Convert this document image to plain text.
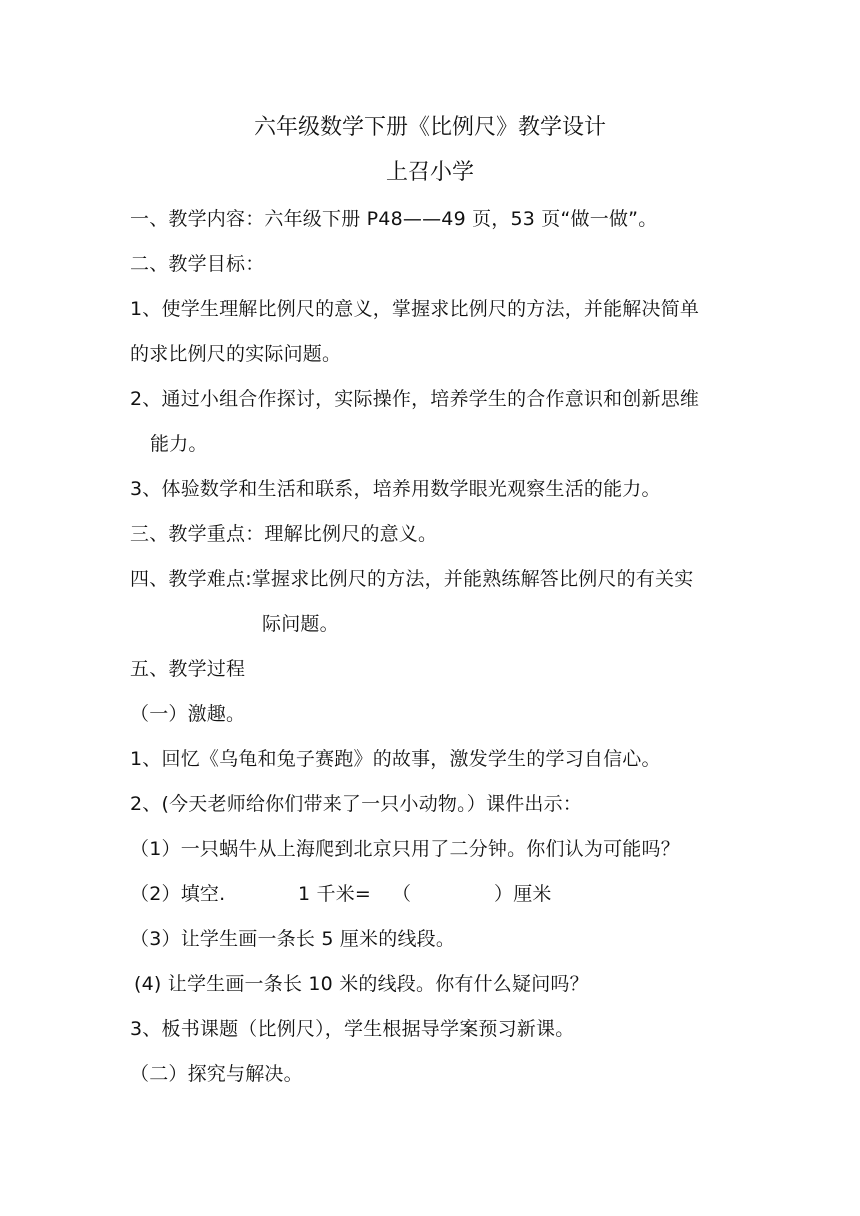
六年级数学下册《比例尺》教学设计
上召小学
一、教学内容：六年级下册 P48——49 页，53 页“做一做”。
二、教学目标：
1、使学生理解比例尺的意义，掌握求比例尺的方法，并能解决简单
的求比例尺的实际问题。
2、通过小组合作探讨，实际操作，培养学生的合作意识和创新思维
能力。
3、体验数学和生活和联系，培养用数学眼光观察生活的能力。
三、教学重点：理解比例尺的意义。
四、教学难点:掌握求比例尺的方法，并能熟练解答比例尺的有关实
际问题。
五、教学过程
（一）激趣。
1、回忆《乌龟和兔子赛跑》的故事，激发学生的学习自信心。
2、(今天老师给你们带来了一只小动物。）课件出示：
（1）一只蜗牛从上海爬到北京只用了二分钟。你们认为可能吗？
（2）填空.	1 千米= （	）厘米
（3）让学生画一条长 5 厘米的线段。
(4) 让学生画一条长 10 米的线段。你有什么疑问吗？
3、板书课题（比例尺），学生根据导学案预习新课。
（二）探究与解决。
